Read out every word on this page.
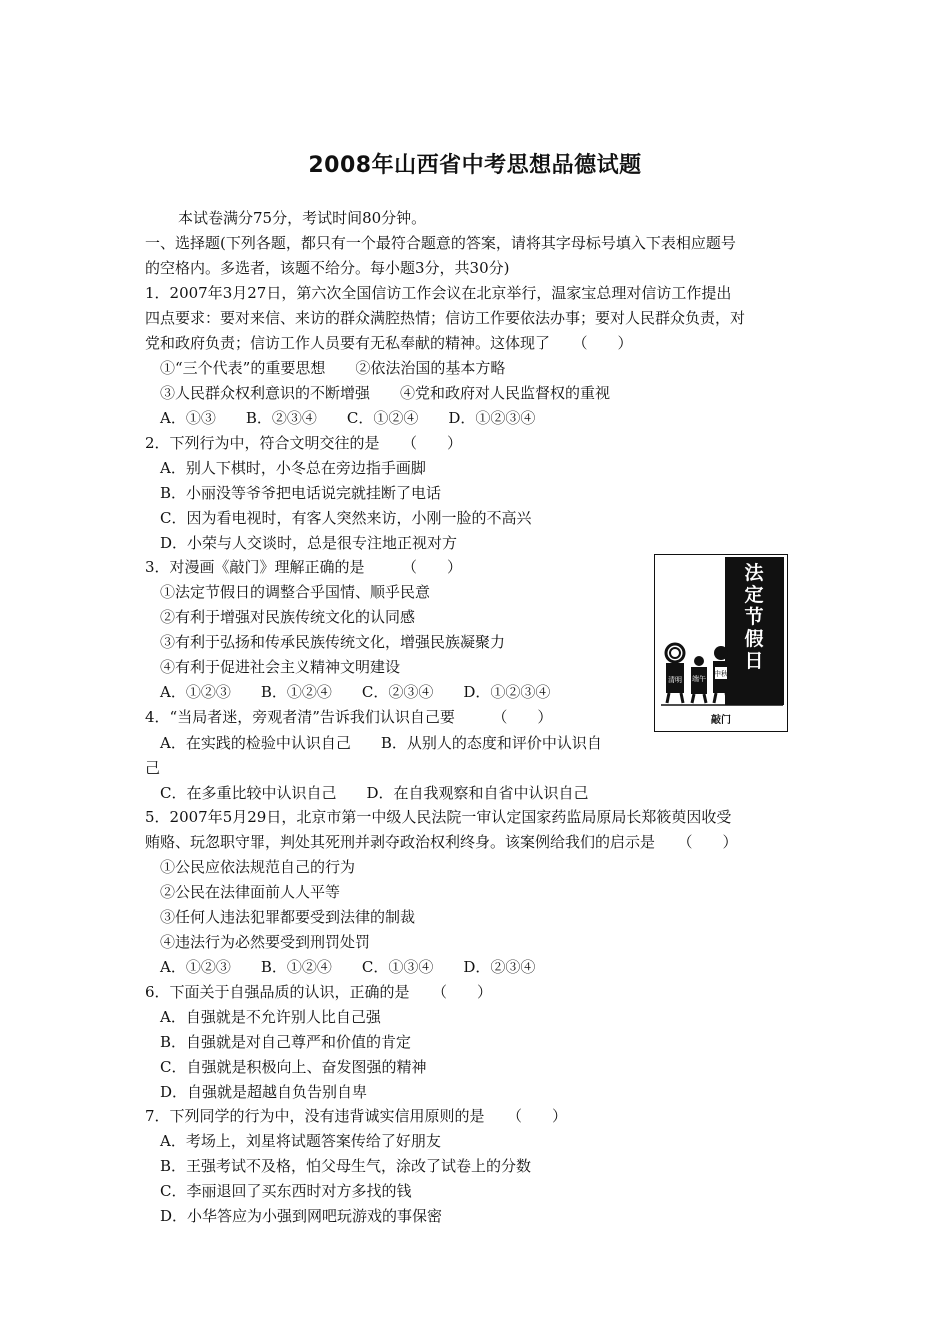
2008年山西省中考思想品德试题
本试卷满分75分，考试时间80分钟。
一、选择题(下列各题，都只有一个最符合题意的答案，请将其字母标号填入下表相应题号
的空格内。多选者，该题不给分。每小题3分，共30分)
1．2007年3月27日，第六次全国信访工作会议在北京举行，温家宝总理对信访工作提出
四点要求：要对来信、来访的群众满腔热情；信访工作要依法办事；要对人民群众负责，对
党和政府负责；信访工作人员要有无私奉献的精神。这体现了　　（　　）
①“三个代表”的重要思想　　②依法治国的基本方略
③人民群众权利意识的不断增强　　④党和政府对人民监督权的重视
A．①③　　B．②③④　　C．①②④　　D．①②③④
2．下列行为中，符合文明交往的是　　（　　）
A．别人下棋时，小冬总在旁边指手画脚
B．小丽没等爷爷把电话说完就挂断了电话
C．因为看电视时，有客人突然来访，小刚一脸的不高兴
D．小荣与人交谈时，总是很专注地正视对方
3．对漫画《敲门》理解正确的是　　　（　　）
①法定节假日的调整合乎国情、顺乎民意
②有利于增强对民族传统文化的认同感
③有利于弘扬和传承民族传统文化，增强民族凝聚力
④有利于促进社会主义精神文明建设
A．①②③　　B．①②④　　C．②③④　　D．①②③④
法定节假日
清明 端午
中秋
敲门
4．“当局者迷，旁观者清”告诉我们认识自己要　　　（　　）
A．在实践的检验中认识自己　　B．从别人的态度和评价中认识自
己
C．在多重比较中认识自己　　D．在自我观察和自省中认识自己
5．2007年5月29日，北京市第一中级人民法院一审认定国家药监局原局长郑筱萸因收受
贿赂、玩忽职守罪，判处其死刑并剥夺政治权利终身。该案例给我们的启示是　　（　　）
①公民应依法规范自己的行为
②公民在法律面前人人平等
③任何人违法犯罪都要受到法律的制裁
④违法行为必然要受到刑罚处罚
A．①②③　　B．①②④　　C．①③④　　D．②③④
6．下面关于自强品质的认识，正确的是　　（　　）
A．自强就是不允许别人比自己强
B．自强就是对自己尊严和价值的肯定
C．自强就是积极向上、奋发图强的精神
D．自强就是超越自负告别自卑
7．下列同学的行为中，没有违背诚实信用原则的是　　（　　）
A．考场上，刘星将试题答案传给了好朋友
B．王强考试不及格，怕父母生气，涂改了试卷上的分数
C．李丽退回了买东西时对方多找的钱
D．小华答应为小强到网吧玩游戏的事保密
